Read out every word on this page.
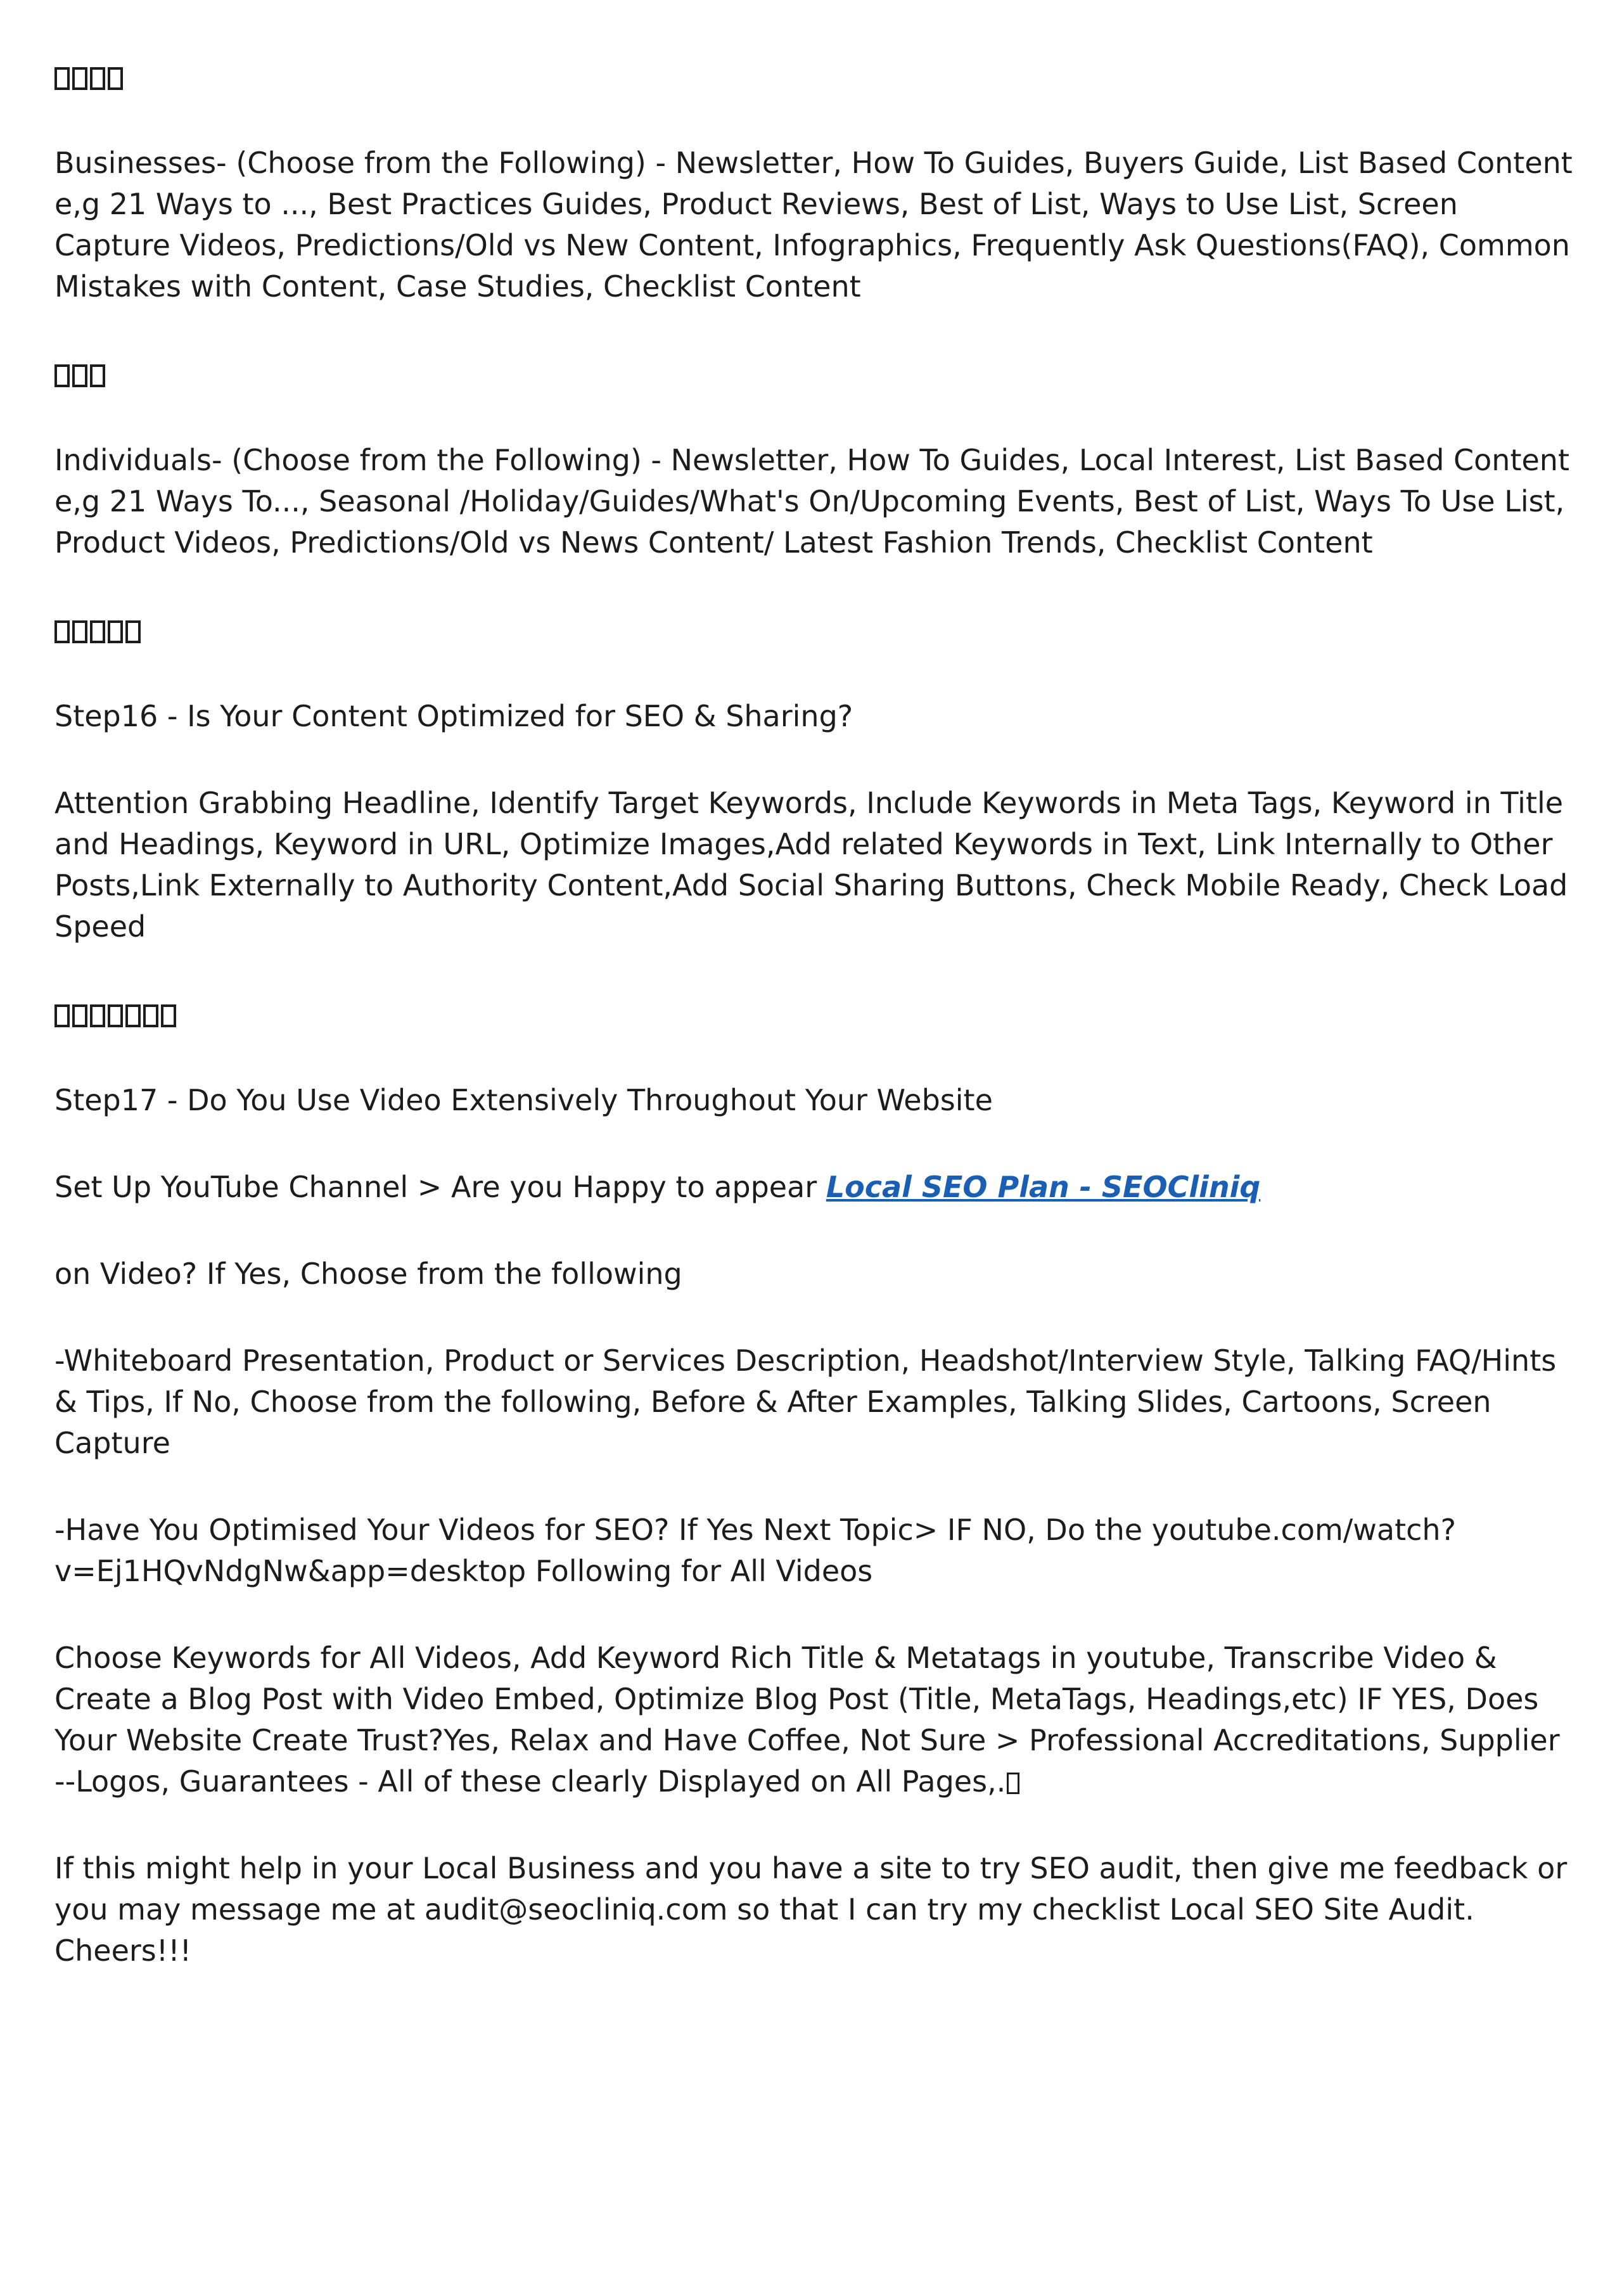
Businesses- (Choose from the Following) - Newsletter, How To Guides, Buyers Guide, List Based Content e,g 21 Ways to ..., Best Practices Guides, Product Reviews, Best of List, Ways to Use List, Screen Capture Videos, Predictions/Old vs New Content, Infographics, Frequently Ask Questions(FAQ), Common Mistakes with Content, Case Studies, Checklist Content

Individuals- (Choose from the Following) - Newsletter, How To Guides, Local Interest, List Based Content e,g 21 Ways To..., Seasonal /Holiday/Guides/What's On/Upcoming Events, Best of List, Ways To Use List, Product Videos, Predictions/Old vs News Content/ Latest Fashion Trends, Checklist Content

Step16 - Is Your Content Optimized for SEO & Sharing?

Attention Grabbing Headline, Identify Target Keywords, Include Keywords in Meta Tags, Keyword in Title and Headings, Keyword in URL, Optimize Images,Add related Keywords in Text, Link Internally to Other Posts,Link Externally to Authority Content,Add Social Sharing Buttons, Check Mobile Ready, Check Load Speed

Step17 - Do You Use Video Extensively Throughout Your Website

Set Up YouTube Channel > Are you Happy to appear Local SEO Plan - SEOCliniq

on Video? If Yes, Choose from the following

-Whiteboard Presentation, Product or Services Description, Headshot/Interview Style, Talking FAQ/Hints & Tips, If No, Choose from the following, Before & After Examples, Talking Slides, Cartoons, Screen Capture

-Have You Optimised Your Videos for SEO? If Yes Next Topic> IF NO, Do the youtube.com/watch?v=Ej1HQvNdgNw&app=desktop Following for All Videos

Choose Keywords for All Videos, Add Keyword Rich Title & Metatags in youtube, Transcribe Video & Create a Blog Post with Video Embed, Optimize Blog Post (Title, MetaTags, Headings,etc) IF YES, Does Your Website Create Trust?Yes, Relax and Have Coffee, Not Sure > Professional Accreditations, Supplier --Logos, Guarantees - All of these clearly Displayed on All Pages,.

If this might help in your Local Business and you have a site to try SEO audit, then give me feedback or you may message me at audit@seocliniq.com so that I can try my checklist Local SEO Site Audit. Cheers!!!
